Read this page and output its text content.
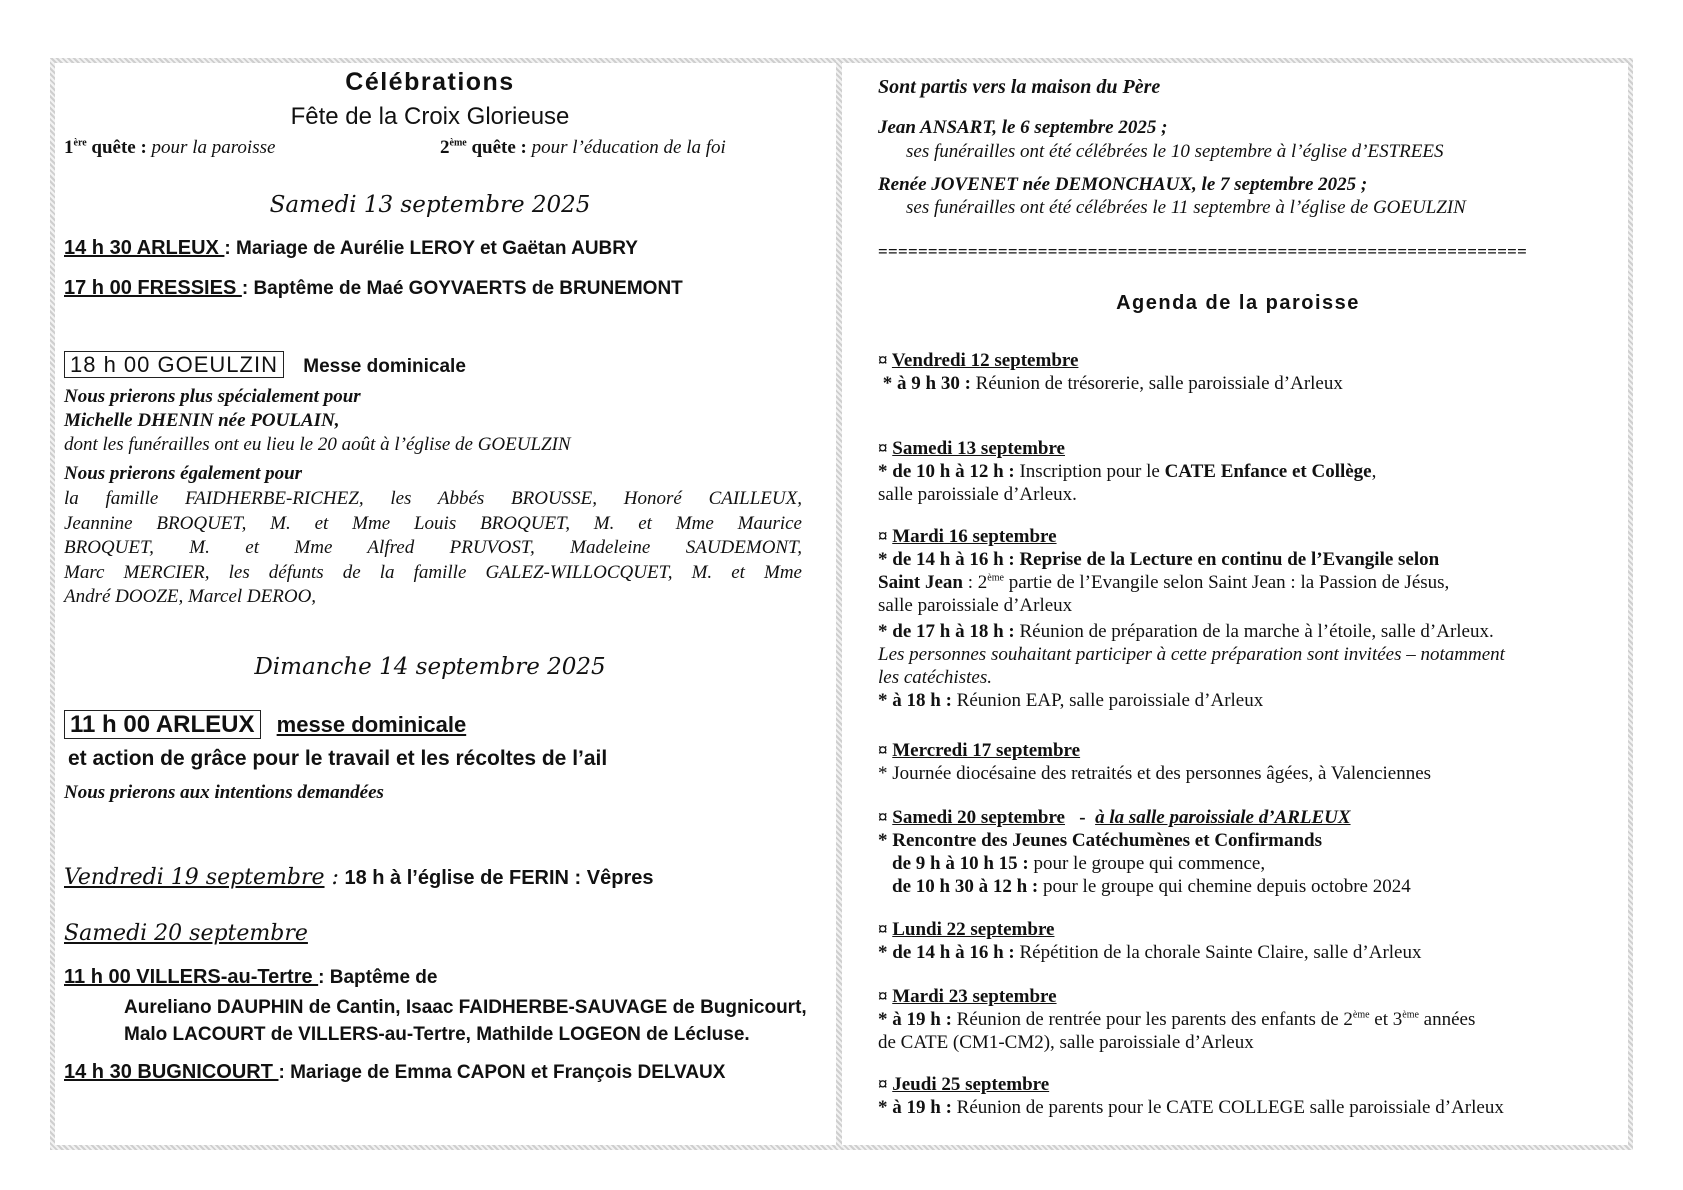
Célébrations
Fête de la Croix Glorieuse
1ère quête : pour la paroisse	2ème quête : pour l’éducation de la foi
Samedi 13 septembre 2025
14 h 30 ARLEUX : Mariage de Aurélie LEROY et Gaëtan AUBRY
17 h 00 FRESSIES : Baptême de Maé GOYVAERTS de BRUNEMONT
18 h 00 GOEULZIN Messe dominicale
Nous prierons plus spécialement pour
Michelle DHENIN née POULAIN,
dont les funérailles ont eu lieu le 20 août à l’église de GOEULZIN
Nous prierons également pour
la famille FAIDHERBE-RICHEZ, les Abbés BROUSSE, Honoré CAILLEUX,
Jeannine BROQUET, M. et Mme Louis BROQUET, M. et Mme Maurice
BROQUET, M. et Mme Alfred PRUVOST, Madeleine SAUDEMONT,
Marc MERCIER, les défunts de la famille GALEZ-WILLOCQUET, M. et Mme
André DOOZE, Marcel DEROO,
Dimanche 14 septembre 2025
11 h 00 ARLEUX messe dominicale
et action de grâce pour le travail et les récoltes de l’ail
Nous prierons aux intentions demandées
Vendredi 19 septembre : 18 h à l’église de FERIN : Vêpres
Samedi 20 septembre
11 h 00 VILLERS-au-Tertre : Baptême de
Aureliano DAUPHIN de Cantin, Isaac FAIDHERBE-SAUVAGE de Bugnicourt,
Malo LACOURT de VILLERS-au-Tertre, Mathilde LOGEON de Lécluse.
14 h 30 BUGNICOURT : Mariage de Emma CAPON et François DELVAUX
Sont partis vers la maison du Père
Jean ANSART, le 6 septembre 2025 ;
ses funérailles ont été célébrées le 10 septembre à l’église d’ESTREES
Renée JOVENET née DEMONCHAUX, le 7 septembre 2025 ;
ses funérailles ont été célébrées le 11 septembre à l’église de GOEULZIN
=================================================================
Agenda de la paroisse
¤ Vendredi 12 septembre
* à 9 h 30 : Réunion de trésorerie, salle paroissiale d’Arleux
¤ Samedi 13 septembre
* de 10 h à 12 h : Inscription pour le CATE Enfance et Collège,
salle paroissiale d’Arleux.
¤ Mardi 16 septembre
* de 14 h à 16 h : Reprise de la Lecture en continu de l’Evangile selon
Saint Jean : 2ème partie de l’Evangile selon Saint Jean : la Passion de Jésus,
salle paroissiale d’Arleux
* de 17 h à 18 h : Réunion de préparation de la marche à l’étoile, salle d’Arleux.
Les personnes souhaitant participer à cette préparation sont invitées – notamment
les catéchistes.
* à 18 h : Réunion EAP, salle paroissiale d’Arleux
¤ Mercredi 17 septembre
* Journée diocésaine des retraités et des personnes âgées, à Valenciennes
¤ Samedi 20 septembre   -  à la salle paroissiale d’ARLEUX
* Rencontre des Jeunes Catéchumènes et Confirmands
de 9 h à 10 h 15 : pour le groupe qui commence,
de 10 h 30 à 12 h : pour le groupe qui chemine depuis octobre 2024
¤ Lundi 22 septembre
* de 14 h à 16 h : Répétition de la chorale Sainte Claire, salle d’Arleux
¤ Mardi 23 septembre
* à 19 h : Réunion de rentrée pour les parents des enfants de 2ème et 3ème années
de CATE (CM1-CM2), salle paroissiale d’Arleux
¤ Jeudi 25 septembre
* à 19 h : Réunion de parents pour le CATE COLLEGE salle paroissiale d’Arleux
